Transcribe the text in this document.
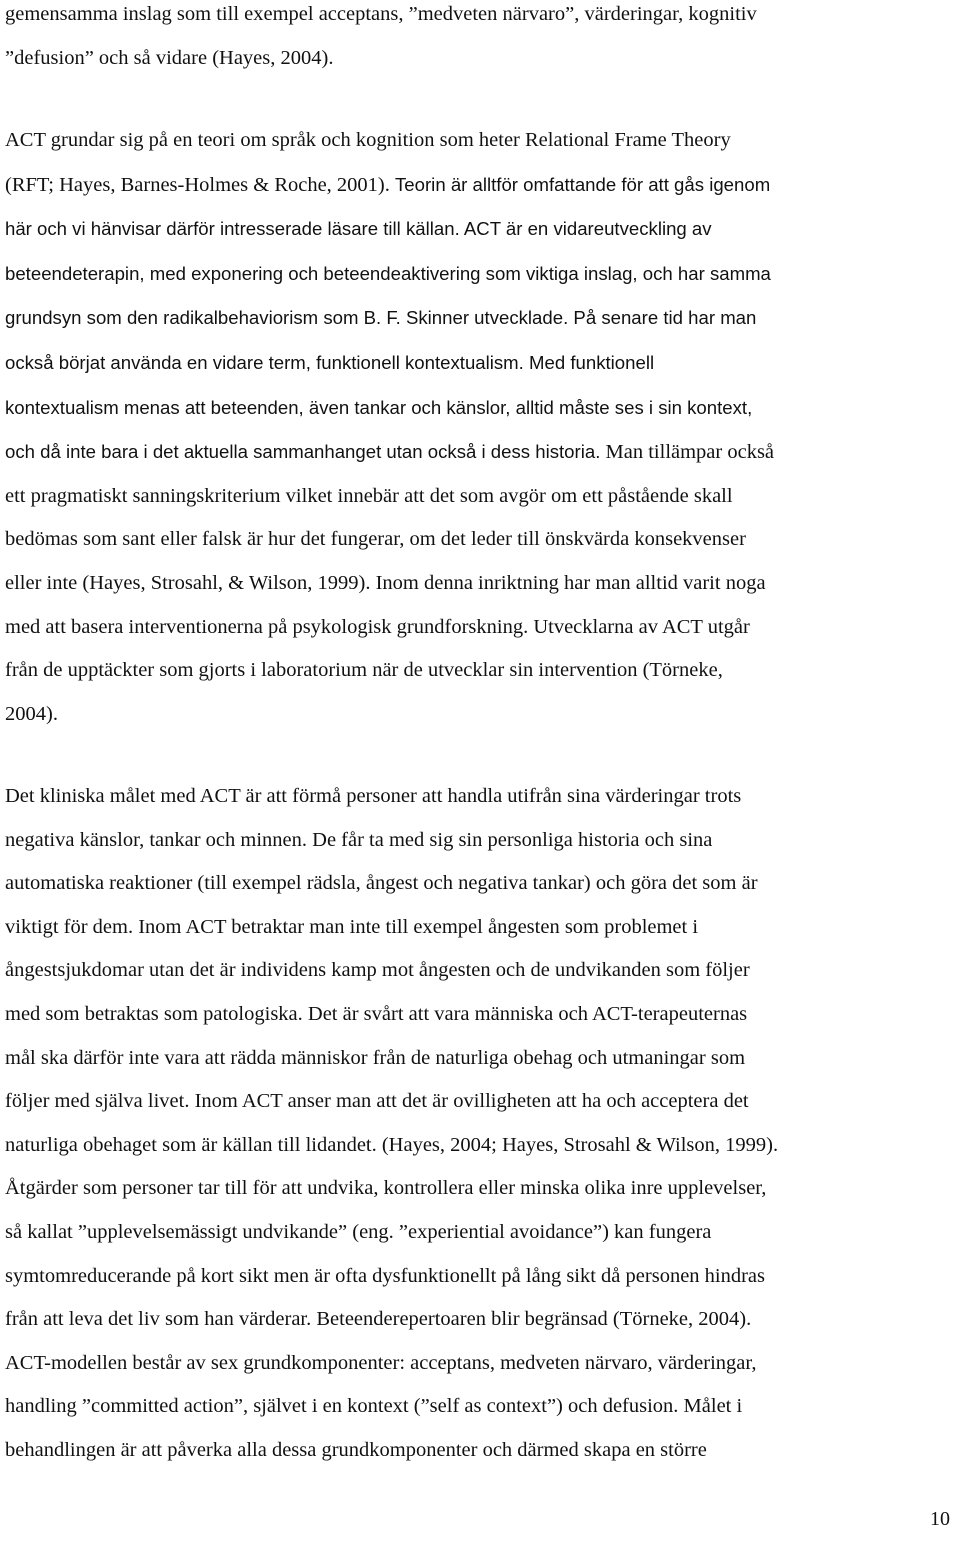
gemensamma inslag som till exempel acceptans, ”medveten närvaro”, värderingar, kognitiv
”defusion” och så vidare (Hayes, 2004).
ACT grundar sig på en teori om språk och kognition som heter Relational Frame Theory
(RFT; Hayes, Barnes-Holmes & Roche, 2001). Teorin är alltför omfattande för att gås igenom
här och vi hänvisar därför intresserade läsare till källan. ACT är en vidareutveckling av
beteendeterapin, med exponering och beteendeaktivering som viktiga inslag, och har samma
grundsyn som den radikalbehaviorism som B. F. Skinner utvecklade. På senare tid har man
också börjat använda en vidare term, funktionell kontextualism. Med funktionell
kontextualism menas att beteenden, även tankar och känslor, alltid måste ses i sin kontext,
och då inte bara i det aktuella sammanhanget utan också i dess historia. Man tillämpar också
ett pragmatiskt sanningskriterium vilket innebär att det som avgör om ett påstående skall
bedömas som sant eller falsk är hur det fungerar, om det leder till önskvärda konsekvenser
eller inte (Hayes, Strosahl, & Wilson, 1999). Inom denna inriktning har man alltid varit noga
med att basera interventionerna på psykologisk grundforskning. Utvecklarna av ACT utgår
från de upptäckter som gjorts i laboratorium när de utvecklar sin intervention (Törneke,
2004).
Det kliniska målet med ACT är att förmå personer att handla utifrån sina värderingar trots
negativa känslor, tankar och minnen. De får ta med sig sin personliga historia och sina
automatiska reaktioner (till exempel rädsla, ångest och negativa tankar) och göra det som är
viktigt för dem. Inom ACT betraktar man inte till exempel ångesten som problemet i
ångestsjukdomar utan det är individens kamp mot ångesten och de undvikanden som följer
med som betraktas som patologiska. Det är svårt att vara människa och ACT-terapeuternas
mål ska därför inte vara att rädda människor från de naturliga obehag och utmaningar som
följer med själva livet. Inom ACT anser man att det är ovilligheten att ha och acceptera det
naturliga obehaget som är källan till lidandet. (Hayes, 2004; Hayes, Strosahl & Wilson, 1999).
Åtgärder som personer tar till för att undvika, kontrollera eller minska olika inre upplevelser,
så kallat ”upplevelsemässigt undvikande” (eng. ”experiential avoidance”) kan fungera
symtomreducerande på kort sikt men är ofta dysfunktionellt på lång sikt då personen hindras
från att leva det liv som han värderar. Beteenderepertoaren blir begränsad (Törneke, 2004).
ACT-modellen består av sex grundkomponenter: acceptans, medveten närvaro, värderingar,
handling ”committed action”, självet i en kontext (”self as context”) och defusion. Målet i
behandlingen är att påverka alla dessa grundkomponenter och därmed skapa en större
10
